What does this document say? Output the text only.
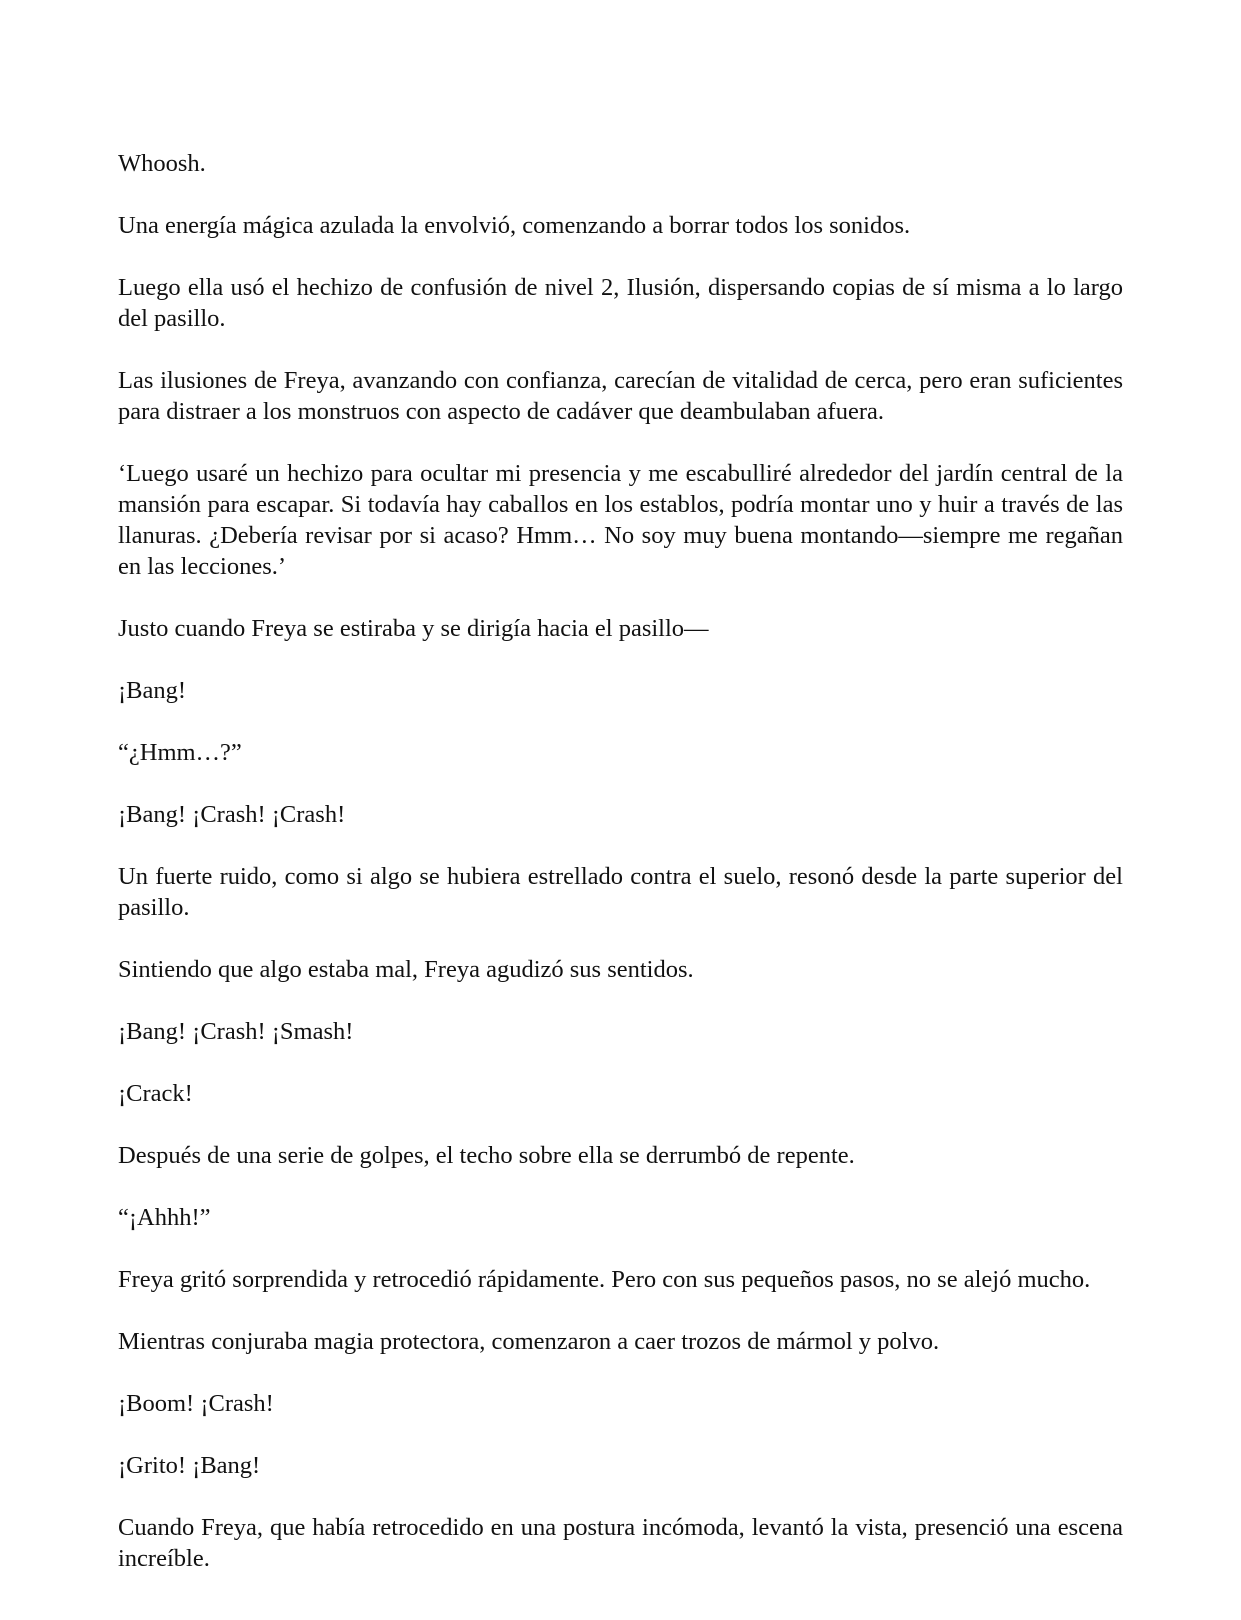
Whoosh.

Una energía mágica azulada la envolvió, comenzando a borrar todos los sonidos.

Luego ella usó el hechizo de confusión de nivel 2, Ilusión, dispersando copias de sí misma a lo largo del pasillo.

Las ilusiones de Freya, avanzando con confianza, carecían de vitalidad de cerca, pero eran suficientes para distraer a los monstruos con aspecto de cadáver que deambulaban afuera.

‘Luego usaré un hechizo para ocultar mi presencia y me escabulliré alrededor del jardín central de la mansión para escapar. Si todavía hay caballos en los establos, podría montar uno y huir a través de las llanuras. ¿Debería revisar por si acaso? Hmm… No soy muy buena montando—siempre me regañan en las lecciones.’

Justo cuando Freya se estiraba y se dirigía hacia el pasillo—

¡Bang!

“¿Hmm…?”

¡Bang! ¡Crash! ¡Crash!

Un fuerte ruido, como si algo se hubiera estrellado contra el suelo, resonó desde la parte superior del pasillo.

Sintiendo que algo estaba mal, Freya agudizó sus sentidos.

¡Bang! ¡Crash! ¡Smash!

¡Crack!

Después de una serie de golpes, el techo sobre ella se derrumbó de repente.

“¡Ahhh!”

Freya gritó sorprendida y retrocedió rápidamente. Pero con sus pequeños pasos, no se alejó mucho.

Mientras conjuraba magia protectora, comenzaron a caer trozos de mármol y polvo.

¡Boom! ¡Crash!

¡Grito! ¡Bang!

Cuando Freya, que había retrocedido en una postura incómoda, levantó la vista, presenció una escena increíble.
